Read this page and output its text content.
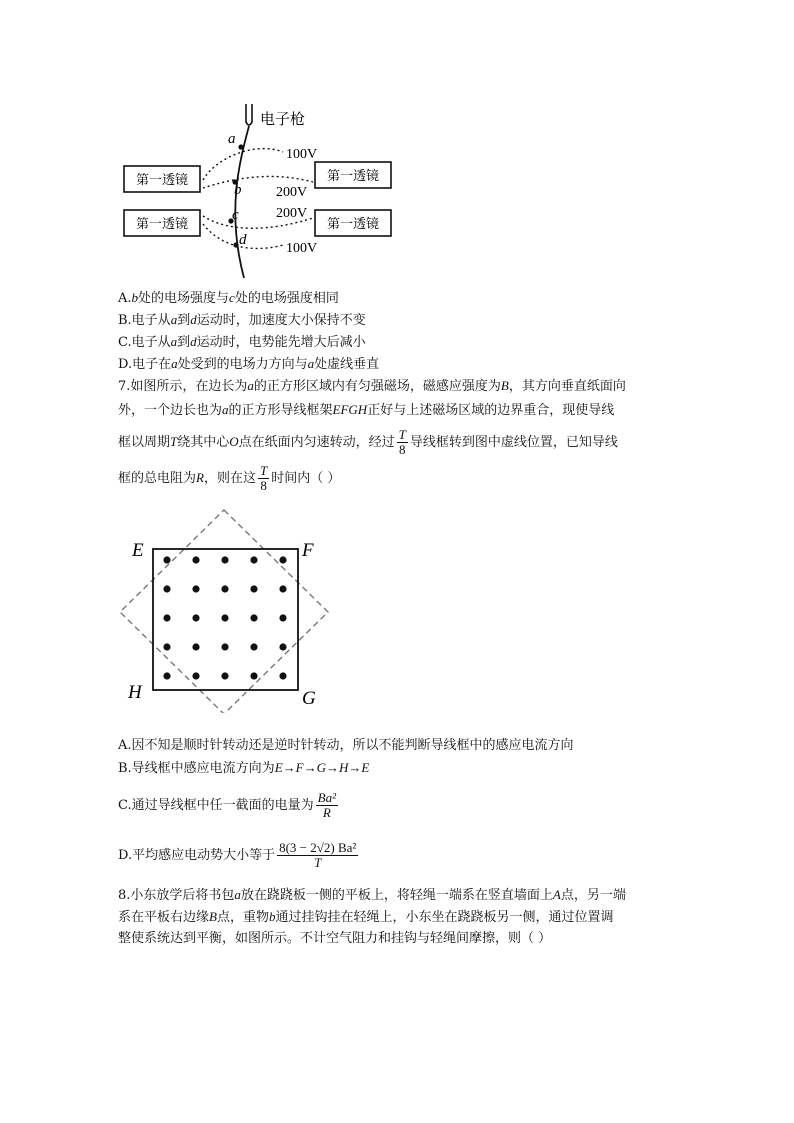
电子枪
第一透镜
第一透镜
第一透镜
第一透镜
100V
200V
200V
100V
a
b
c
d
A.b处的电场强度与c处的电场强度相同
B.电子从a到d运动时，加速度大小保持不变
C.电子从a到d运动时，电势能先增大后减小
D.电子在a处受到的电场力方向与a处虚线垂直
7.如图所示，在边长为a的正方形区域内有匀强磁场，磁感应强度为B，其方向垂直纸面向
外，一个边长也为a的正方形导线框架EFGH正好与上述磁场区域的边界重合，现使导线
框以周期T绕其中心O点在纸面内匀速转动，经过 $\frac{T}{8}$ 导线框转到图中虚线位置，已知导线
框的总电阻为R，则在这 $\frac{T}{8}$ 时间内（ ）
E	F
G
H
A.因不知是顺时针转动还是逆时针转动，所以不能判断导线框中的感应电流方向
B.导线框中感应电流方向为E→F→G→H→E
C.通过导线框中任一截面的电量为 $\frac{\text{Ba²}}{R}$
D.平均感应电动势大小等于 $\frac{\text{8(3 − 2√2) Ba²}}{T}$
8.小东放学后将书包a放在跷跷板一侧的平板上，将轻绳一端系在竖直墙面上A点，另一端
系在平板右边缘B点，重物b通过挂钩挂在轻绳上，小东坐在跷跷板另一侧，通过位置调
整使系统达到平衡，如图所示。不计空气阻力和挂钩与轻绳间摩擦，则（ ）
